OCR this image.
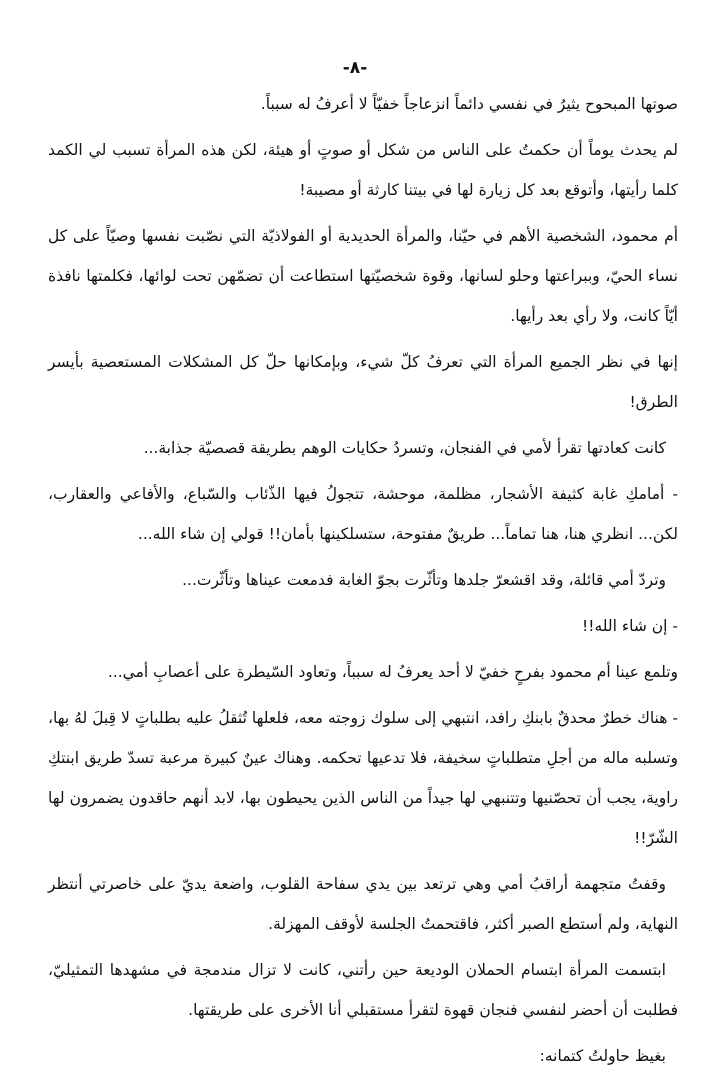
-٨-

صوتها المبحوح يثيرُ في نفسي دائماً انزعاجاً خفيّاً لا أعرفُ له سبباً.

لم يحدث يوماً أن حكمتُ على الناس من شكل أو صوتٍ أو هيئة، لكن هذه المرأة تسبب لي الكمد كلما رأيتها، وأتوقع بعد كل زيارة لها في بيتنا كارثة أو مصيبة!

أم محمود، الشخصية الأهم في حيّنا، والمرأة الحديدية أو الفولاذيّة التي نصّبت نفسها وصيّاً على كل نساء الحيّ، وببراعتها وحلو لسانها، وقوة شخصيّتها استطاعت أن تضمّهن تحت لوائها، فكلمتها نافذة أيّاً كانت، ولا رأي بعد رأيها.

إنها في نظر الجميع المرأة التي تعرفُ كلّ شيء، وبإمكانها حلّ كل المشكلات المستعصية بأيسر الطرق!

كانت كعادتها تقرأ لأمي في الفنجان، وتسردُ حكايات الوهم بطريقة قصصيّة جذابة...

- أمامكِ غابة كثيفة الأشجار، مظلمة، موحشة، تتجولُ فيها الذّئاب والسّباع، والأفاعي والعقارب، لكن... انظري هنا، هنا تماماً... طريقٌ مفتوحة، ستسلكينها بأمان!! قولي إن شاء الله...

وتردّ أمي قائلة، وقد اقشعرّ جلدها وتأثّرت بجوّ الغابة فدمعت عيناها وتأثّرت...

- إن شاء الله!!

وتلمع عينا أم محمود بفرحٍ خفيّ لا أحد يعرفُ له سبباً، وتعاود السّيطرة على أعصابِ أمي...

- هناك خطرٌ محدقٌ بابنكِ رافد، انتبهي إلى سلوك زوجته معه، فلعلها تُثقلُ عليه بطلباتٍ لا قِبلَ لهُ بها، وتسلبه ماله من أجلِ متطلباتٍ سخيفة، فلا تدعيها تحكمه. وهناك عينٌ كبيرة مرعبة تسدّ طريق ابنتكِ راوية، يجب أن تحصّنيها وتتنبهي لها جيداً من الناس الذين يحيطون بها، لابد أنهم حاقدون يضمرون لها الشّرّ!!

وقفتُ متجهمة أراقبُ أمي وهي ترتعد بين يدي سفاحة القلوب، واضعة يديّ على خاصرتي أنتظر النهاية، ولم أستطع الصبر أكثر، فاقتحمتُ الجلسة لأوقف المهزلة.

ابتسمت المرأة ابتسام الحملان الوديعة حين رأتني، كانت لا تزال مندمجة في مشهدها التمثيليّ، فطلبت أن أحضر لنفسي فنجان قهوة لتقرأ مستقبلي أنا الأخرى على طريقتها.

بغيظ حاولتُ كتمانه:
